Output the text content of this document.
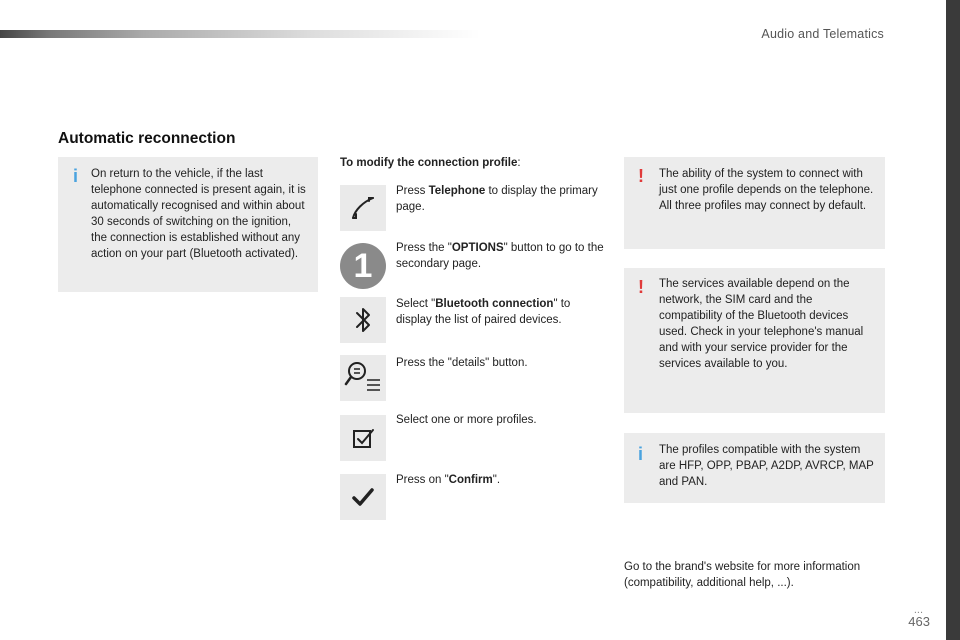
Audio and Telematics
...
463
Automatic reconnection
i On return to the vehicle, if the last telephone connected is present again, it is automatically recognised and within about 30 seconds of switching on the ignition, the connection is established without any action on your part (Bluetooth activated).
To modify the connection profile:
Press Telephone to display the primary page.
1	Press the "OPTIONS" button to go to the secondary page.
Select "Bluetooth connection" to display the list of paired devices.
Press the "details" button.
Select one or more profiles.
Press on "Confirm".
! The ability of the system to connect with just one profile depends on the telephone.
All three profiles may connect by default.
! The services available depend on the network, the SIM card and the compatibility of the Bluetooth devices used. Check in your telephone's manual and with your service provider for the services available to you.
i The profiles compatible with the system are HFP, OPP, PBAP, A2DP, AVRCP, MAP and PAN.
Go to the brand's website for more information (compatibility, additional help, ...).
